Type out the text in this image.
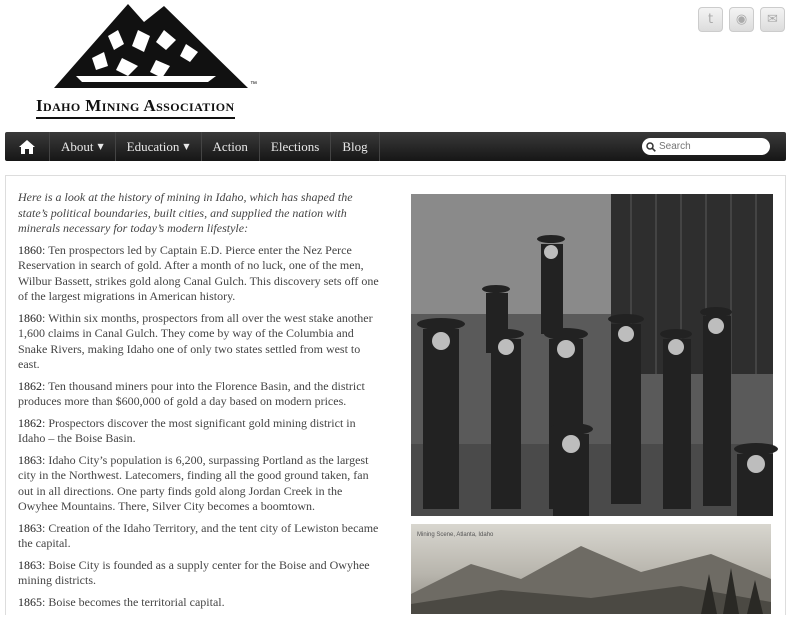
™
Idaho Mining Association
t	◉	✉
About ▼ Education ▼ Action Elections Blog
Search

Here is a look at the history of mining in Idaho, which has shaped the state’s political boundaries, built cities, and supplied the nation with minerals necessary for today’s modern lifestyle:

1860: Ten prospectors led by Captain E.D. Pierce enter the Nez Perce Reservation in search of gold. After a month of no luck, one of the men, Wilbur Bassett, strikes gold along Canal Gulch. This discovery sets off one of the largest migrations in American history.

1860: Within six months, prospectors from all over the west stake another 1,600 claims in Canal Gulch. They come by way of the Columbia and Snake Rivers, making Idaho one of only two states settled from west to east.

1862: Ten thousand miners pour into the Florence Basin, and the district produces more than $600,000 of gold a day based on modern prices.

1862: Prospectors discover the most significant gold mining district in Idaho – the Boise Basin.

1863: Idaho City’s population is 6,200, surpassing Portland as the largest city in the Northwest. Latecomers, finding all the good ground taken, fan out in all directions. One party finds gold along Jordan Creek in the Owyhee Mountains. There, Silver City becomes a boomtown.

1863: Creation of the Idaho Territory, and the tent city of Lewiston became the capital.

1863: Boise City is founded as a supply center for the Boise and Owyhee mining districts.

1865: Boise becomes the territorial capital.

Mining Scene, Atlanta, Idaho
